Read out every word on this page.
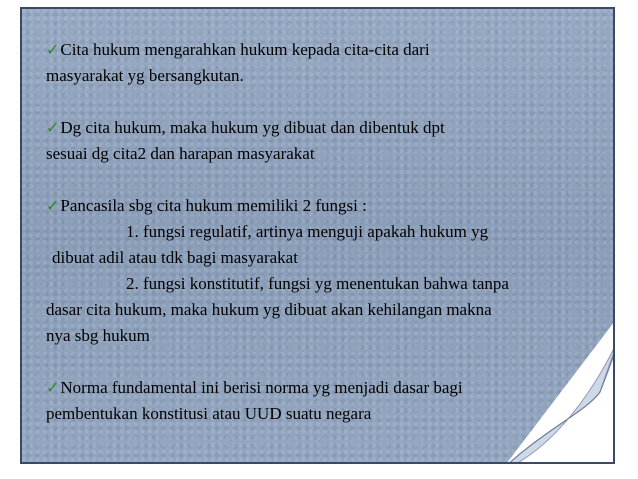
✓Cita hukum mengarahkan hukum kepada cita-cita dari
masyarakat yg bersangkutan.
✓Dg cita hukum, maka hukum yg dibuat dan dibentuk dpt
sesuai dg cita2 dan harapan masyarakat
✓Pancasila sbg cita hukum memiliki 2 fungsi :
1. fungsi regulatif, artinya menguji apakah hukum yg
dibuat adil atau tdk bagi masyarakat
2. fungsi konstitutif, fungsi yg menentukan bahwa tanpa
dasar cita hukum, maka hukum yg dibuat akan kehilangan makna
nya sbg hukum
✓Norma fundamental ini berisi norma yg menjadi dasar bagi
pembentukan konstitusi atau UUD suatu negara
